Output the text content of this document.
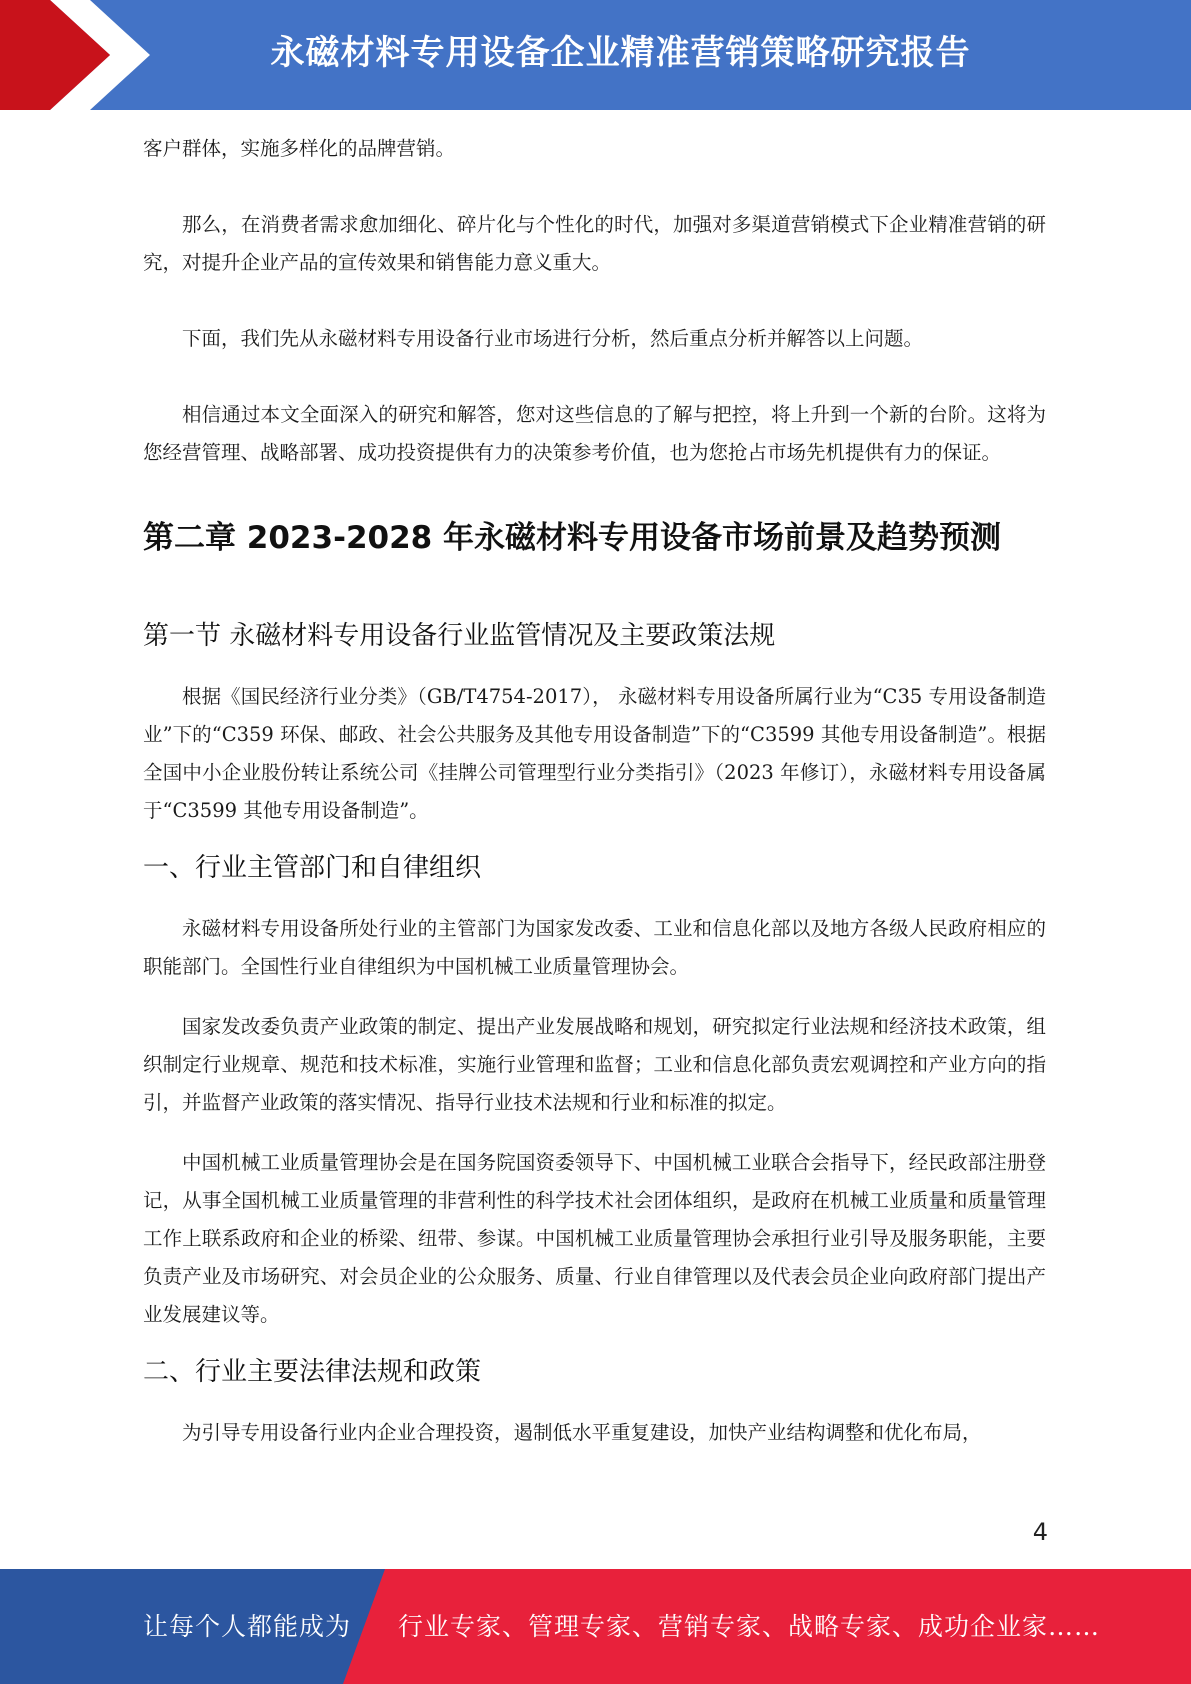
永磁材料专用设备企业精准营销策略研究报告

客户群体，实施多样化的品牌营销。

那么，在消费者需求愈加细化、碎片化与个性化的时代，加强对多渠道营销模式下企业精准营销的研究，对提升企业产品的宣传效果和销售能力意义重大。

下面，我们先从永磁材料专用设备行业市场进行分析，然后重点分析并解答以上问题。

相信通过本文全面深入的研究和解答，您对这些信息的了解与把控，将上升到一个新的台阶。这将为您经营管理、战略部署、成功投资提供有力的决策参考价值，也为您抢占市场先机提供有力的保证。

第二章 2023-2028 年永磁材料专用设备市场前景及趋势预测
第一节 永磁材料专用设备行业监管情况及主要政策法规

根据《国民经济行业分类》（GB/T4754-2017）， 永磁材料专用设备所属行业为“C35 专用设备制造业”下的“C359 环保、邮政、社会公共服务及其他专用设备制造”下的“C3599 其他专用设备制造”。根据全国中小企业股份转让系统公司《挂牌公司管理型行业分类指引》（2023 年修订），永磁材料专用设备属于“C3599 其他专用设备制造”。

一、行业主管部门和自律组织

永磁材料专用设备所处行业的主管部门为国家发改委、工业和信息化部以及地方各级人民政府相应的职能部门。全国性行业自律组织为中国机械工业质量管理协会。

国家发改委负责产业政策的制定、提出产业发展战略和规划，研究拟定行业法规和经济技术政策，组织制定行业规章、规范和技术标准，实施行业管理和监督；工业和信息化部负责宏观调控和产业方向的指引，并监督产业政策的落实情况、指导行业技术法规和行业和标准的拟定。

中国机械工业质量管理协会是在国务院国资委领导下、中国机械工业联合会指导下，经民政部注册登记，从事全国机械工业质量管理的非营利性的科学技术社会团体组织，是政府在机械工业质量和质量管理工作上联系政府和企业的桥梁、纽带、参谋。中国机械工业质量管理协会承担行业引导及服务职能，主要负责产业及市场研究、对会员企业的公众服务、质量、行业自律管理以及代表会员企业向政府部门提出产业发展建议等。

二、行业主要法律法规和政策

为引导专用设备行业内企业合理投资，遏制低水平重复建设，加快产业结构调整和优化布局，

4
让每个人都能成为 行业专家、管理专家、营销专家、战略专家、成功企业家……
